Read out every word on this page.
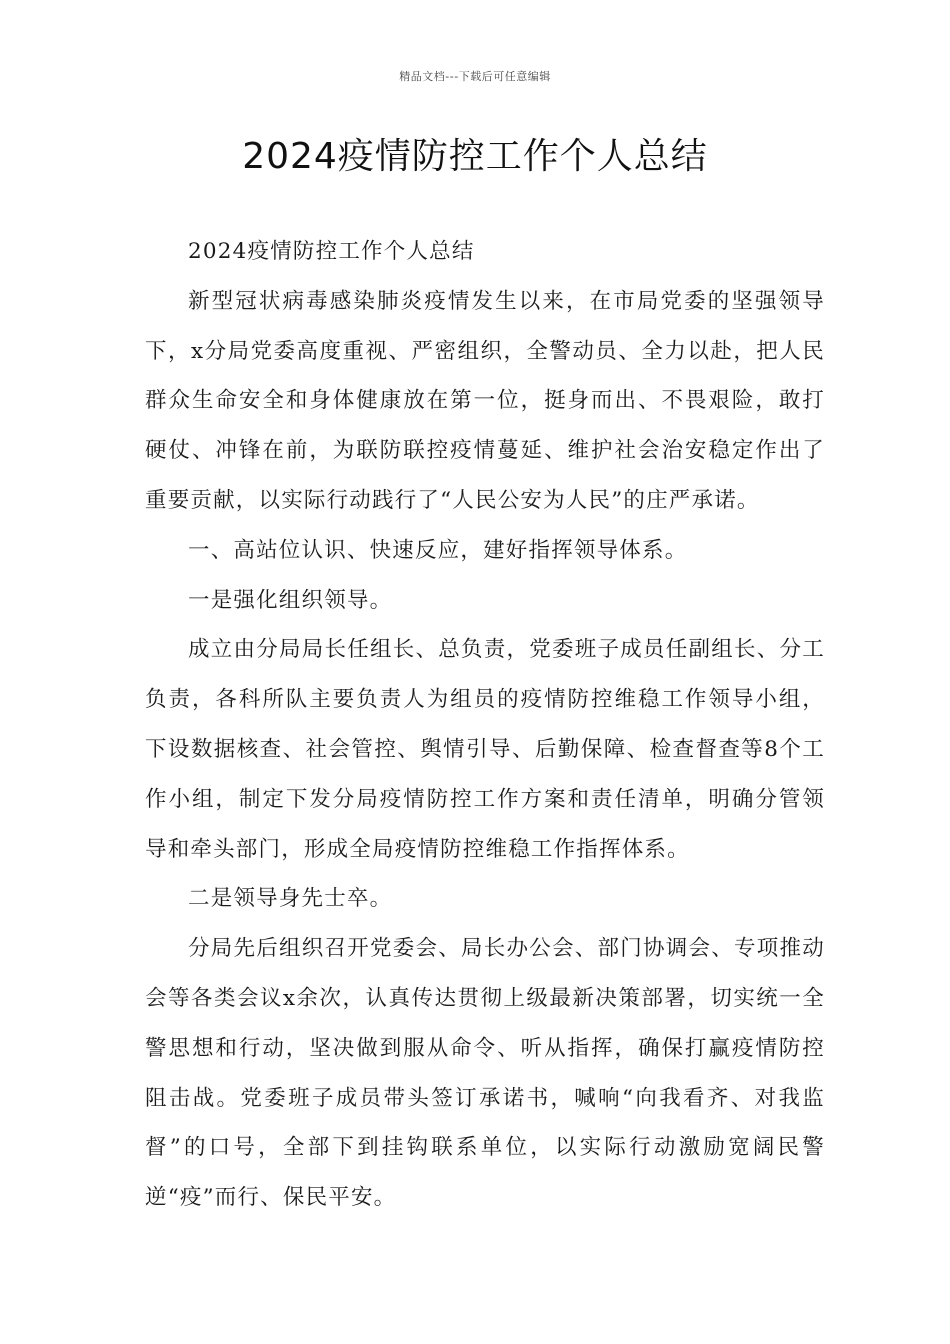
精品文档---下载后可任意编辑
2024疫情防控工作个人总结

2024疫情防控工作个人总结

新型冠状病毒感染肺炎疫情发生以来，在市局党委的坚强领导下，x分局党委高度重视、严密组织，全警动员、全力以赴，把人民群众生命安全和身体健康放在第一位，挺身而出、不畏艰险，敢打硬仗、冲锋在前，为联防联控疫情蔓延、维护社会治安稳定作出了重要贡献，以实际行动践行了“人民公安为人民”的庄严承诺。

一、高站位认识、快速反应，建好指挥领导体系。

一是强化组织领导。

成立由分局局长任组长、总负责，党委班子成员任副组长、分工负责，各科所队主要负责人为组员的疫情防控维稳工作领导小组，下设数据核查、社会管控、舆情引导、后勤保障、检查督查等8个工作小组，制定下发分局疫情防控工作方案和责任清单，明确分管领导和牵头部门，形成全局疫情防控维稳工作指挥体系。

二是领导身先士卒。

分局先后组织召开党委会、局长办公会、部门协调会、专项推动会等各类会议x余次，认真传达贯彻上级最新决策部署，切实统一全警思想和行动，坚决做到服从命令、听从指挥，确保打赢疫情防控阻击战。党委班子成员带头签订承诺书，喊响“向我看齐、对我监督”的口号，全部下到挂钩联系单位，以实际行动激励宽阔民警逆“疫”而行、保民平安。
